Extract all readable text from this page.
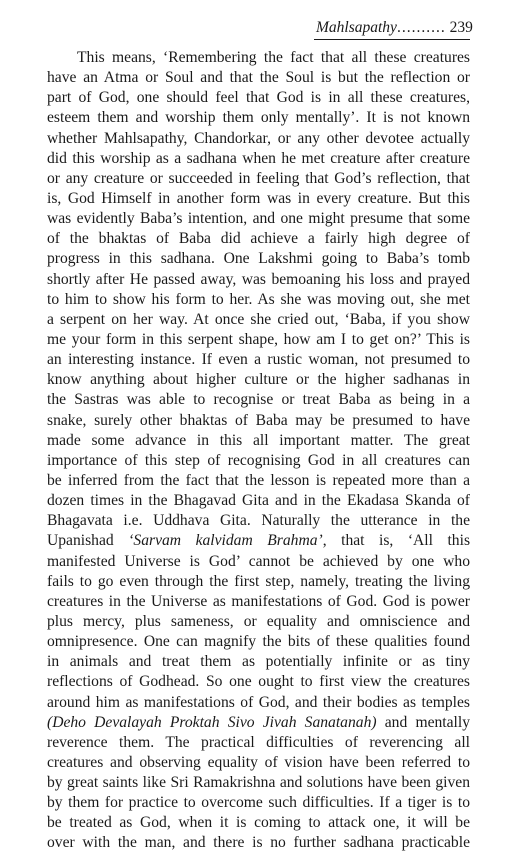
Mahlsapathy.......... 239
This means, ‘Remembering the fact that all these creatures
have an Atma or Soul and that the Soul is but the reflection or
part of God, one should feel that God is in all these creatures,
esteem them and worship them only mentally’. It is not known
whether Mahlsapathy, Chandorkar, or any other devotee actually
did this worship as a sadhana when he met creature after creature
or any creature or succeeded in feeling that God’s reflection, that
is, God Himself in another form was in every creature. But this
was evidently Baba’s intention, and one might presume that some
of the bhaktas of Baba did achieve a fairly high degree of
progress in this sadhana. One Lakshmi going to Baba’s tomb
shortly after He passed away, was bemoaning his loss and prayed
to him to show his form to her. As she was moving out, she met
a serpent on her way. At once she cried out, ‘Baba, if you show
me your form in this serpent shape, how am I to get on?’ This is
an interesting instance. If even a rustic woman, not presumed to
know anything about higher culture or the higher sadhanas in
the Sastras was able to recognise or treat Baba as being in a
snake, surely other bhaktas of Baba may be presumed to have
made some advance in this all important matter. The great
importance of this step of recognising God in all creatures can
be inferred from the fact that the lesson is repeated more than a
dozen times in the Bhagavad Gita and in the Ekadasa Skanda of
Bhagavata i.e. Uddhava Gita. Naturally the utterance in the
Upanishad ‘Sarvam kalvidam Brahma’, that is, ‘All this
manifested Universe is God’ cannot be achieved by one who
fails to go even through the first step, namely, treating the living
creatures in the Universe as manifestations of God. God is power
plus mercy, plus sameness, or equality and omniscience and
omnipresence. One can magnify the bits of these qualities found
in animals and treat them as potentially infinite or as tiny
reflections of Godhead. So one ought to first view the creatures
around him as manifestations of God, and their bodies as temples
(Deho Devalayah Proktah Sivo Jivah Sanatanah) and mentally
reverence them. The practical difficulties of reverencing all
creatures and observing equality of vision have been referred to
by great saints like Sri Ramakrishna and solutions have been given
by them for practice to overcome such difficulties. If a tiger is to
be treated as God, when it is coming to attack one, it will be
over with the man, and there is no further sadhana practicable
